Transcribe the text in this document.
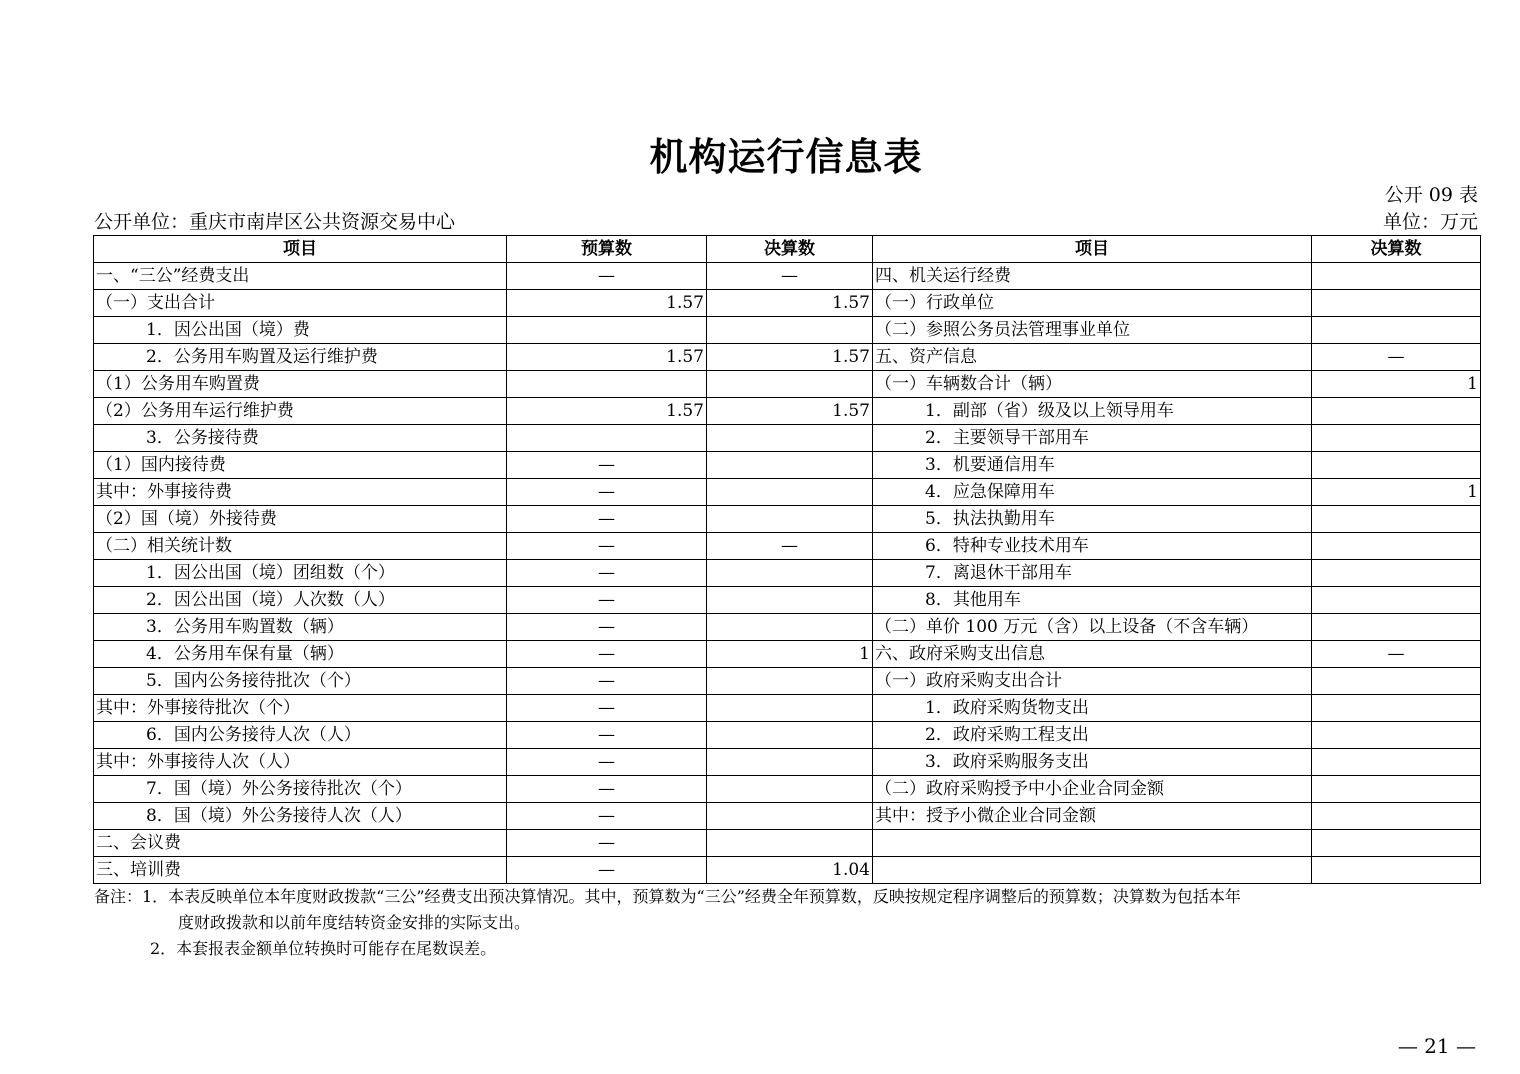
机构运行信息表
公开 09 表
公开单位：重庆市南岸区公共资源交易中心	单位：万元
项目	预算数	决算数	项目	决算数
一、“三公”经费支出	—	—	四、机关运行经费	
（一）支出合计	1.57	1.57	（一）行政单位	
1．因公出国（境）费			（二）参照公务员法管理事业单位	
2．公务用车购置及运行维护费	1.57	1.57	五、资产信息	—
（1）公务用车购置费			（一）车辆数合计（辆）	1
（2）公务用车运行维护费	1.57	1.57	1．副部（省）级及以上领导用车	
3．公务接待费			2．主要领导干部用车	
（1）国内接待费	—		3．机要通信用车	
其中：外事接待费	—		4．应急保障用车	1
（2）国（境）外接待费	—		5．执法执勤用车	
（二）相关统计数	—	—	6．特种专业技术用车	
1．因公出国（境）团组数（个）	—		7．离退休干部用车	
2．因公出国（境）人次数（人）	—		8．其他用车	
3．公务用车购置数（辆）	—		（二）单价 100 万元（含）以上设备（不含车辆）	
4．公务用车保有量（辆）	—	1	六、政府采购支出信息	—
5．国内公务接待批次（个）	—		（一）政府采购支出合计	
其中：外事接待批次（个）	—		1．政府采购货物支出	
6．国内公务接待人次（人）	—		2．政府采购工程支出	
其中：外事接待人次（人）	—		3．政府采购服务支出	
7．国（境）外公务接待批次（个）	—		（二）政府采购授予中小企业合同金额	
8．国（境）外公务接待人次（人）	—		其中：授予小微企业合同金额	
二、会议费	—			
三、培训费	—	1.04		
备注：1．本表反映单位本年度财政拨款“三公”经费支出预决算情况。其中，预算数为“三公”经费全年预算数，反映按规定程序调整后的预算数；决算数为包括本年
度财政拨款和以前年度结转资金安排的实际支出。
2．本套报表金额单位转换时可能存在尾数误差。
— 21 —
